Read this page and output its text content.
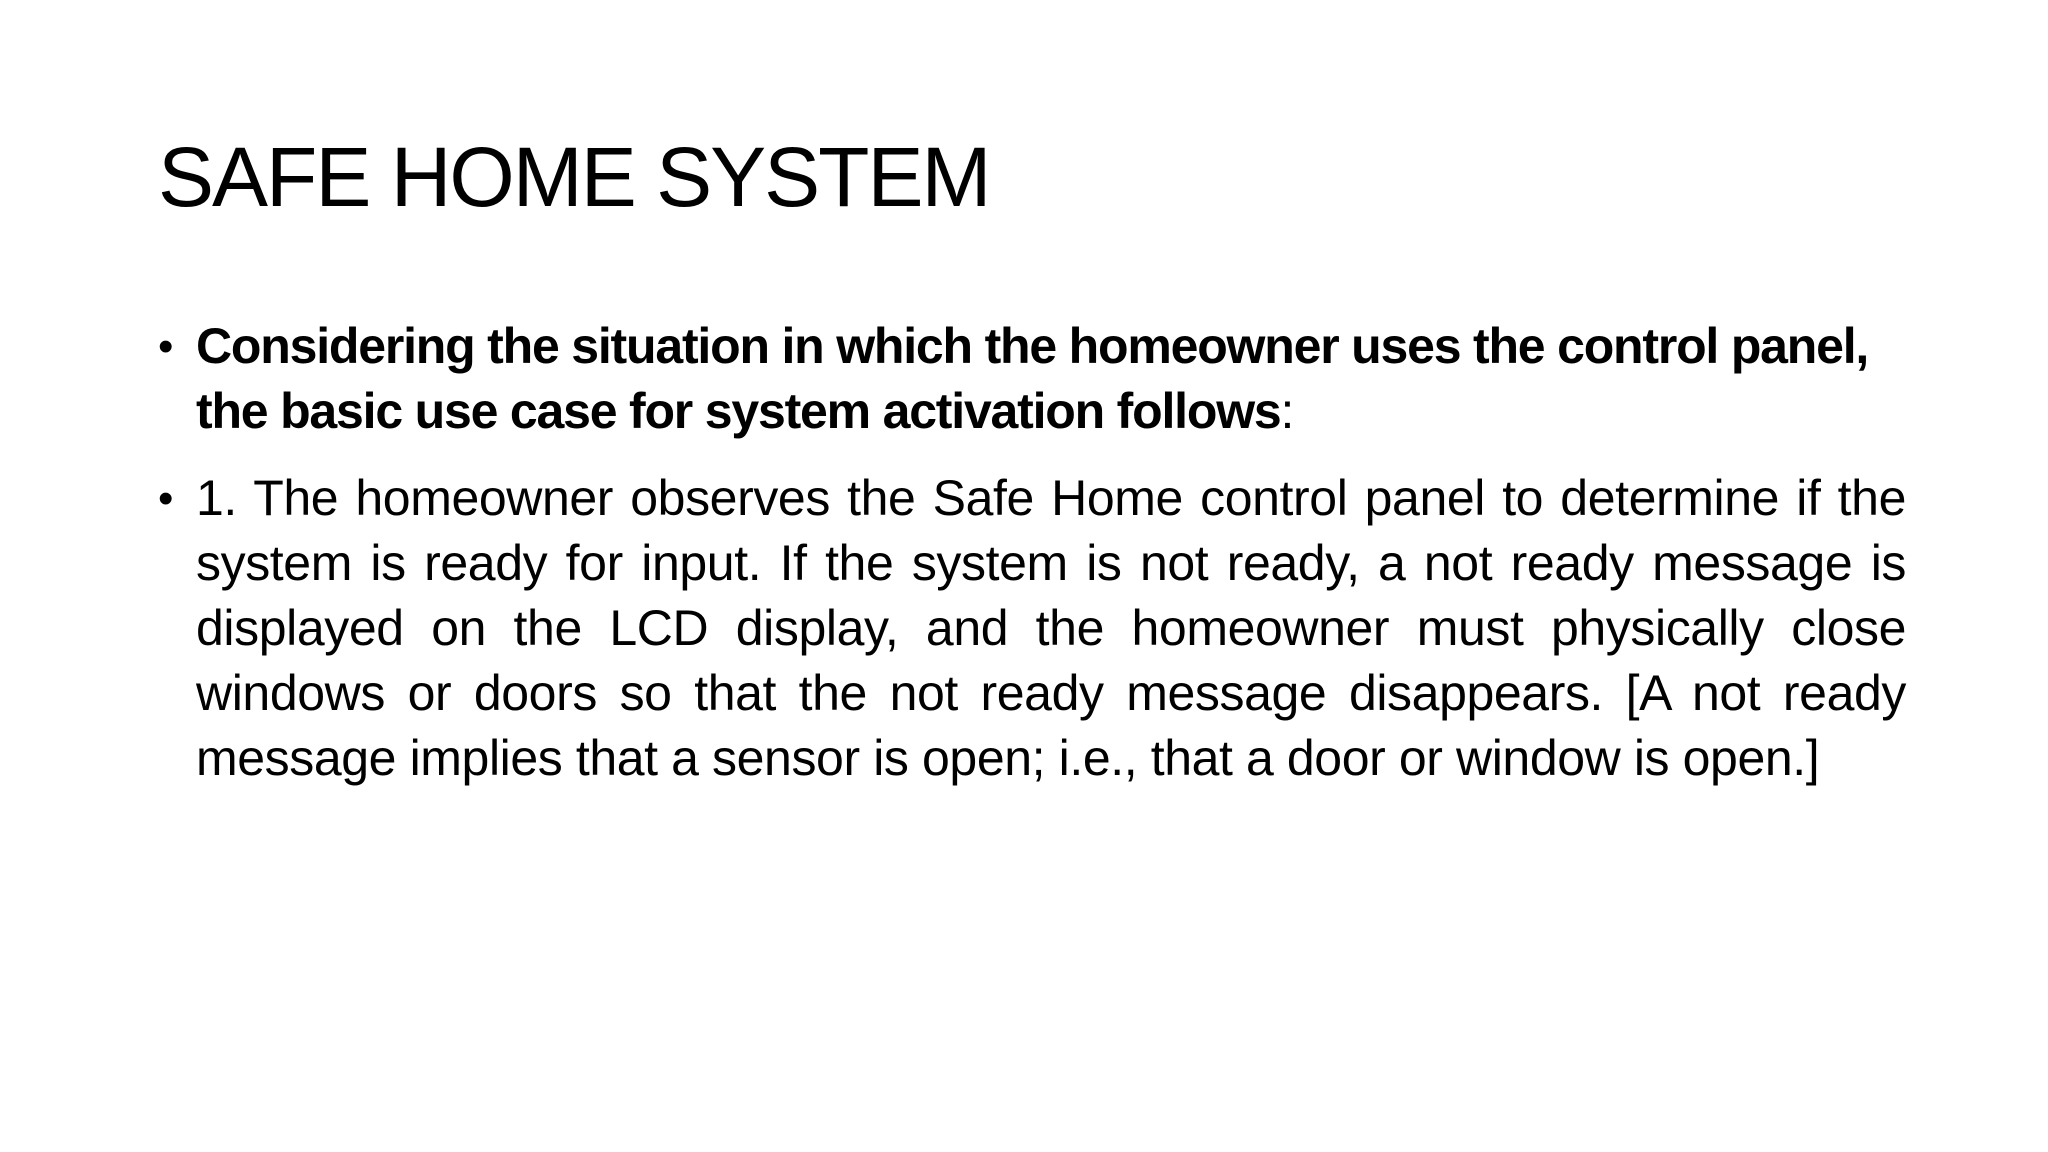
SAFE HOME SYSTEM
• Considering the situation in which the homeowner uses the control panel, the basic use case for system activation follows:
• 1. The homeowner observes the Safe Home control panel to determine if the system is ready for input. If the system is not ready, a not ready message is displayed on the LCD display, and the homeowner must physically close windows or doors so that the not ready message disappears. [A not ready message implies that a sensor is open; i.e., that a door or window is open.]
